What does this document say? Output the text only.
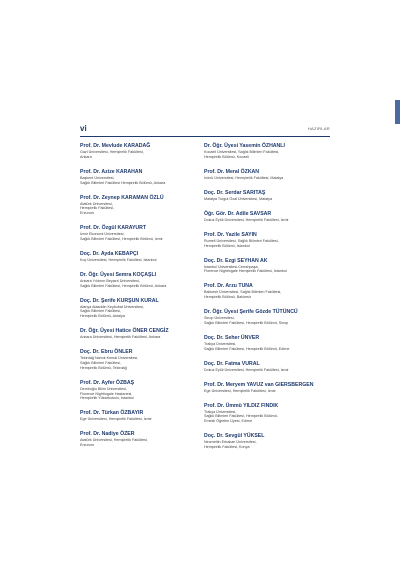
vi	HAZIRLAR
Prof. Dr. Mevlude KARADAĞ
Gazi Üniversitesi, Hemşirelik Fakültesi,
Ankara
Prof. Dr. Azize KARAHAN
Başkent Üniversitesi,
Sağlık Bilimleri Fakültesi Hemşirelik Bölümü, Ankara
Prof. Dr. Zeynep KARAMAN ÖZLÜ
Atatürk Üniversitesi,
Hemşirelik Fakültesi,
Erzurum
Prof. Dr. Özgül KARAYURT
İzmir Ekonomi Üniversitesi,
Sağlık Bilimleri Fakültesi, Hemşirelik Bölümü, İzmir
Doç. Dr. Ayda KEBAPÇI
Koç Üniversitesi, Hemşirelik Fakültesi, İstanbul
Dr. Öğr. Üyesi Semra KOÇAŞLI
Ankara Yıldırım Beyazıt Üniversitesi,
Sağlık Bilimleri Fakültesi, Hemşirelik Bölümü, Ankara
Doç. Dr. Şerife KURŞUN KURAL
Alanya Alaaddin Keykubat Üniversitesi,
Sağlık Bilimleri Fakültesi,
Hemşirelik Bölümü, Antalya
Dr. Öğr. Üyesi Hatice ÖNER CENGİZ
Ankara Üniversitesi, Hemşirelik Fakültesi, Ankara
Doç. Dr. Ebru ÖNLER
Tekirdağ Namık Kemal Üniversitesi,
Sağlık Bilimleri Fakültesi,
Hemşirelik Bölümü, Tekirdağ
Prof. Dr. Ayfer ÖZBAŞ
Demiroğlu Bilim Üniversitesi,
Florence Nightingale Hastanesi,
Hemşirelik Yüksekokulu, İstanbul
Prof. Dr. Türkan ÖZBAYIR
Ege Üniversitesi, Hemşirelik Fakültesi, İzmir
Prof. Dr. Nadiye ÖZER
Atatürk Üniversitesi, Hemşirelik Fakültesi,
Erzurum
Dr. Öğr. Üyesi Yasemin ÖZHANLI
Kocaeli Üniversitesi, Sağlık Bilimleri Fakültesi,
Hemşirelik Bölümü, Kocaeli
Prof. Dr. Meral ÖZKAN
İnönü Üniversitesi, Hemşirelik Fakültesi, Malatya
Doç. Dr. Serdar SARITAŞ
Malatya Turgut Özal Üniversitesi, Malatya
Öğr. Gör. Dr. Adile SAVSAR
Dokuz Eylül Üniversitesi, Hemşirelik Fakültesi, İzmir
Prof. Dr. Yazile SAYIN
Rumeli Üniversitesi, Sağlık Bilimleri Fakültesi,
Hemşirelik Bölümü, İstanbul
Doç. Dr. Ezgi SEYHAN AK
İstanbul Üniversitesi-Cerrahpaşa,
Florence Nightingale Hemşirelik Fakültesi, İstanbul
Prof. Dr. Arzu TUNA
Balıkesir Üniversitesi, Sağlık Bilimleri Fakültesi,
Hemşirelik Bölümü, Balıkesir
Dr. Öğr. Üyesi Şerife Gözde TÜTÜNCÜ
Sinop Üniversitesi,
Sağlık Bilimleri Fakültesi, Hemşirelik Bölümü, Sinop
Doç. Dr. Seher ÜNVER
Trakya Üniversitesi,
Sağlık Bilimleri Fakültesi, Hemşirelik Bölümü, Edirne
Doç. Dr. Fatma VURAL
Dokuz Eylül Üniversitesi, Hemşirelik Fakültesi, İzmir
Prof. Dr. Meryem YAVUZ van GIERSBERGEN
Ege Üniversitesi, Hemşirelik Fakültesi, İzmir
Prof. Dr. Ümmü YILDIZ FINDIK
Trakya Üniversitesi,
Sağlık Bilimleri Fakültesi, Hemşirelik Bölümü,
Emekli Öğretim Üyesi, Edirne
Doç. Dr. Sevgül YÜKSEL
Necmettin Erbakan Üniversitesi,
Hemşirelik Fakültesi, Konya
